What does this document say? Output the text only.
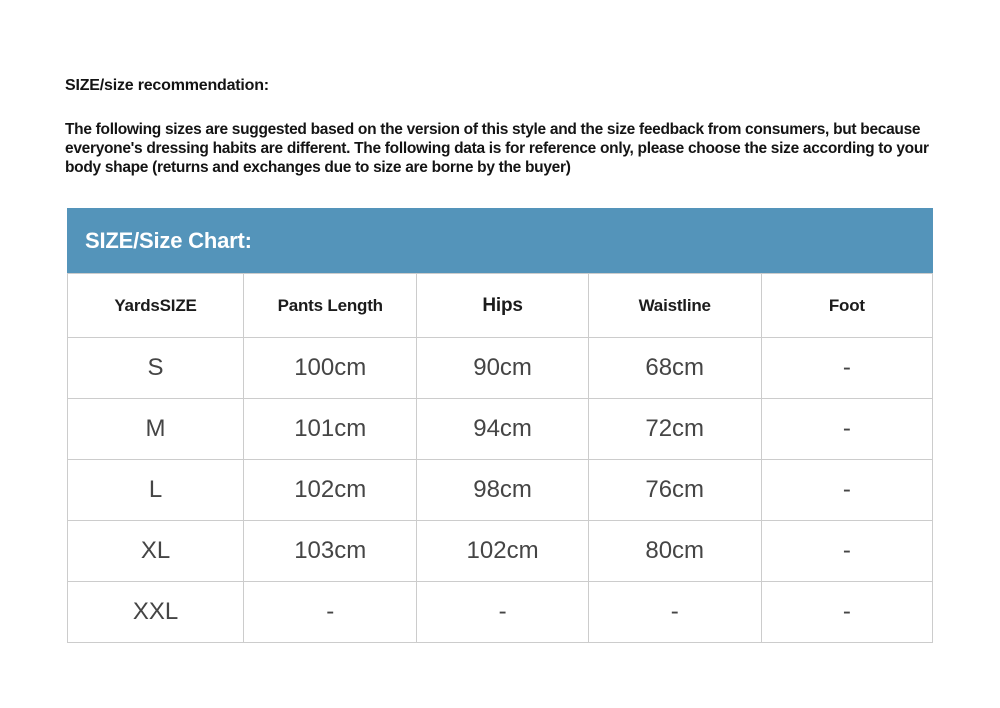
SIZE/size recommendation:

The following sizes are suggested based on the version of this style and the size feedback from consumers, but because everyone's dressing habits are different. The following data is for reference only, please choose the size according to your body shape (returns and exchanges due to size are borne by the buyer)

SIZE/Size Chart:
YardsSIZE	Pants Length	Hips	Waistline	Foot
S	100cm	90cm	68cm	-
M	101cm	94cm	72cm	-
L	102cm	98cm	76cm	-
XL	103cm	102cm	80cm	-
XXL	-	-	-	-
